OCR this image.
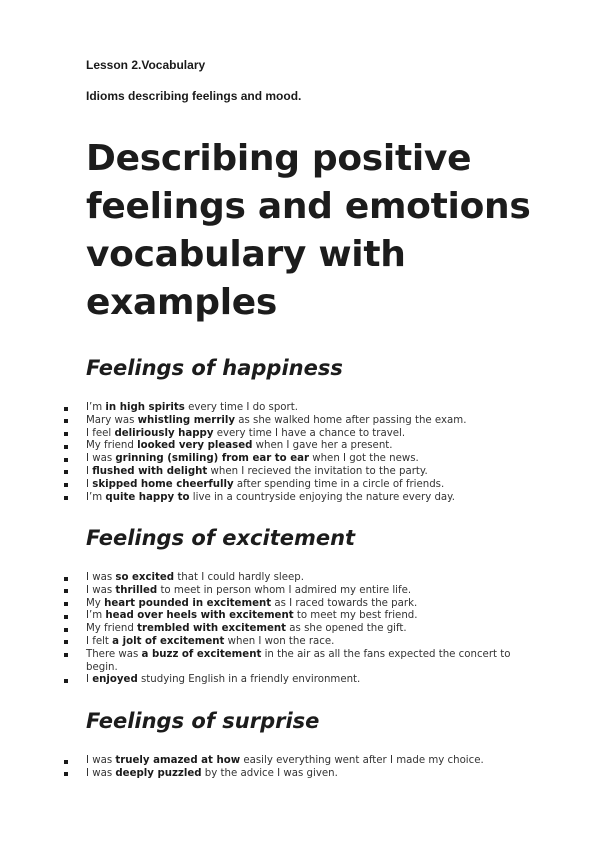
Lesson 2.Vocabulary

Idioms describing feelings and mood.

Describing positive feelings and emotions vocabulary with examples
Feelings of happiness
I’m in high spirits every time I do sport.
Mary was whistling merrily as she walked home after passing the exam.
I feel deliriously happy every time I have a chance to travel.
My friend looked very pleased when I gave her a present.
I was grinning (smiling) from ear to ear when I got the news.
I flushed with delight when I recieved the invitation to the party.
I skipped home cheerfully after spending time in a circle of friends.
I’m quite happy to live in a countryside enjoying the nature every day.
Feelings of excitement
I was so excited that I could hardly sleep.
I was thrilled to meet in person whom I admired my entire life.
My heart pounded in excitement as I raced towards the park.
I’m head over heels with excitement to meet my best friend.
My friend trembled with excitement as she opened the gift.
I felt a jolt of excitement when I won the race.
There was a buzz of excitement in the air as all the fans expected the concert to begin.
I enjoyed studying English in a friendly environment.
Feelings of surprise
I was truely amazed at how easily everything went after I made my choice.
I was deeply puzzled by the advice I was given.
